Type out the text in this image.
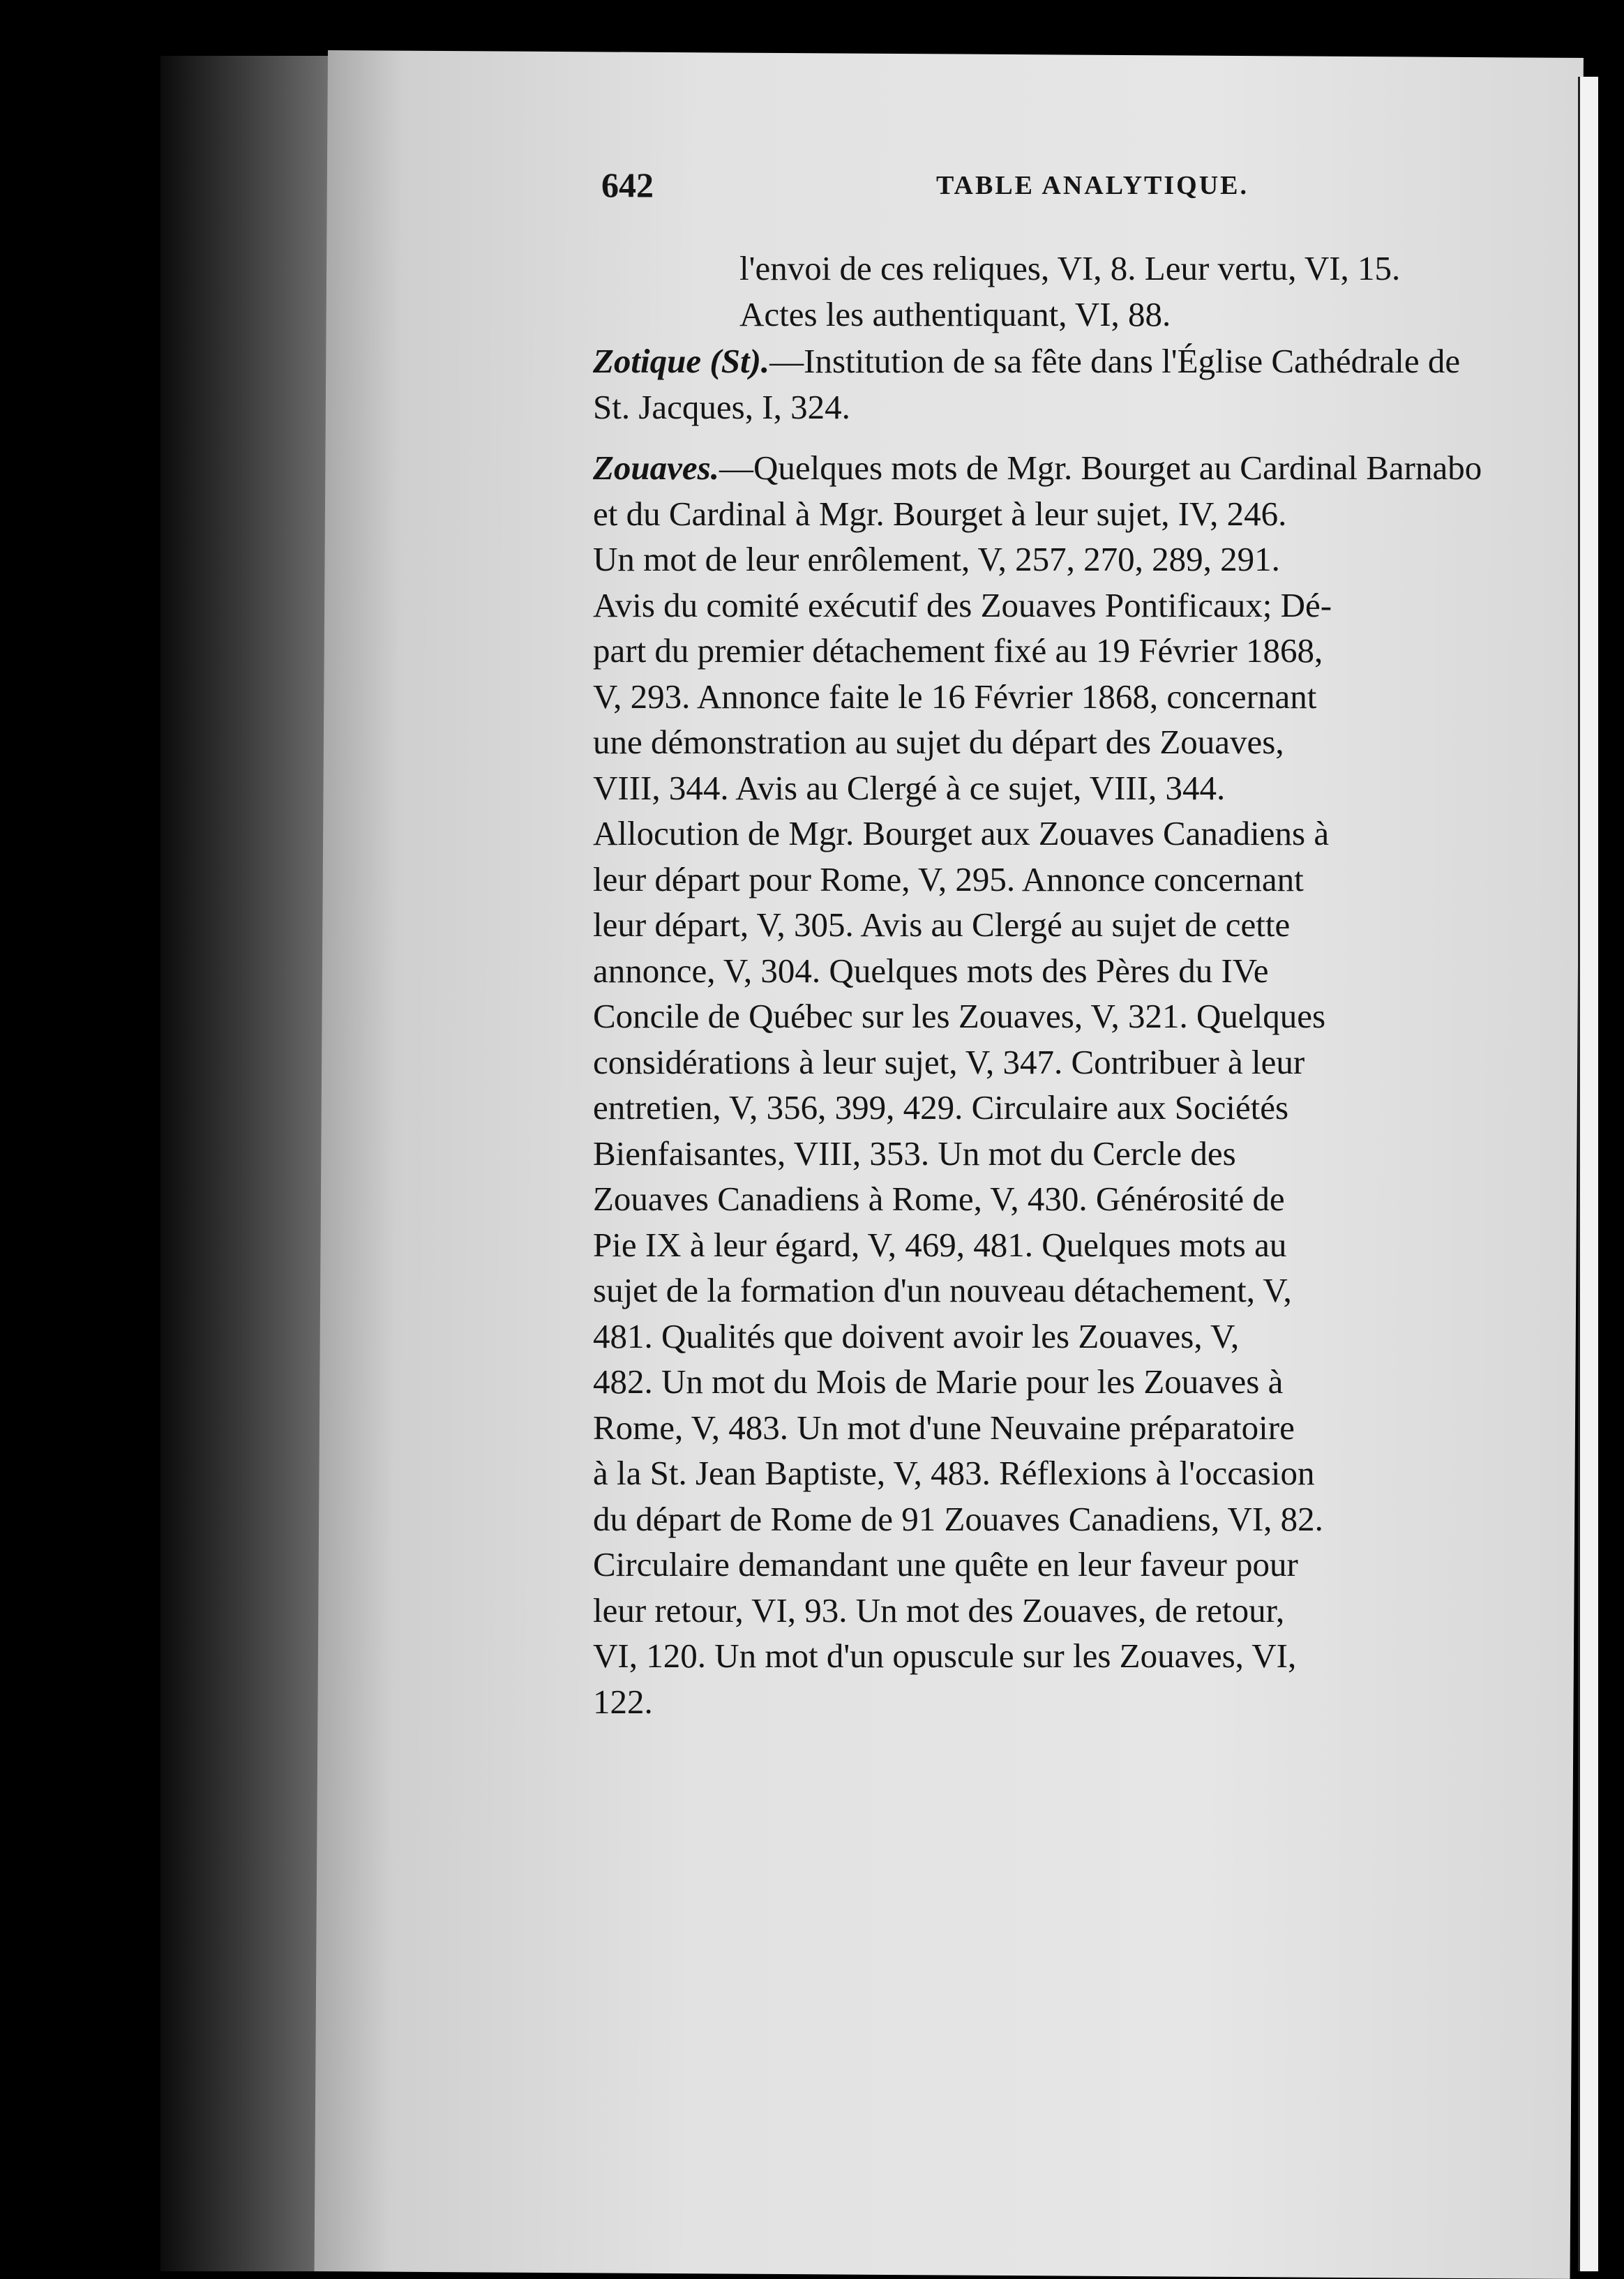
642	TABLE ANALYTIQUE.
l'envoi de ces reliques, VI, 8. Leur vertu, VI, 15.
Actes les authentiquant, VI, 88.
Zotique (St).—Institution de sa fête dans l'Église Cathédrale de
St. Jacques, I, 324.
Zouaves.—Quelques mots de Mgr. Bourget au Cardinal Barnabo
et du Cardinal à Mgr. Bourget à leur sujet, IV, 246.
Un mot de leur enrôlement, V, 257, 270, 289, 291.
Avis du comité exécutif des Zouaves Pontificaux; Dé-
part du premier détachement fixé au 19 Février 1868,
V, 293. Annonce faite le 16 Février 1868, concernant
une démonstration au sujet du départ des Zouaves,
VIII, 344. Avis au Clergé à ce sujet, VIII, 344.
Allocution de Mgr. Bourget aux Zouaves Canadiens à
leur départ pour Rome, V, 295. Annonce concernant
leur départ, V, 305. Avis au Clergé au sujet de cette
annonce, V, 304. Quelques mots des Pères du IVe
Concile de Québec sur les Zouaves, V, 321. Quelques
considérations à leur sujet, V, 347. Contribuer à leur
entretien, V, 356, 399, 429. Circulaire aux Sociétés
Bienfaisantes, VIII, 353. Un mot du Cercle des
Zouaves Canadiens à Rome, V, 430. Générosité de
Pie IX à leur égard, V, 469, 481. Quelques mots au
sujet de la formation d'un nouveau détachement, V,
481. Qualités que doivent avoir les Zouaves, V,
482. Un mot du Mois de Marie pour les Zouaves à
Rome, V, 483. Un mot d'une Neuvaine préparatoire
à la St. Jean Baptiste, V, 483. Réflexions à l'occasion
du départ de Rome de 91 Zouaves Canadiens, VI, 82.
Circulaire demandant une quête en leur faveur pour
leur retour, VI, 93. Un mot des Zouaves, de retour,
VI, 120. Un mot d'un opuscule sur les Zouaves, VI,
122.
